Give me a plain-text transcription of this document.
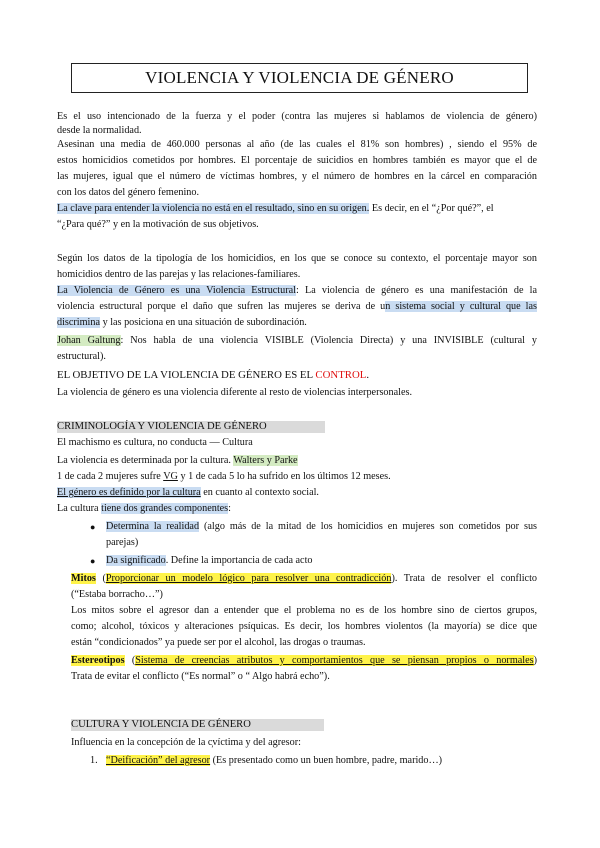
VIOLENCIA Y VIOLENCIA DE GÉNERO
Es el uso intencionado de la fuerza y el poder (contra las mujeres si hablamos de violencia de género)
desde la normalidad.
Asesinan una media de 460.000 personas al año (de las cuales el 81% son hombres) , siendo el 95% de
estos homicidios cometidos por hombres. El porcentaje de suicidios en hombres también es mayor que el de
las mujeres, igual que el número de víctimas hombres, y el número de hombres en la cárcel en comparación
con los datos del género femenino.
La clave para entender la violencia no está en el resultado, sino en su origen. Es decir, en el “¿Por qué?”, el
“¿Para qué?” y en la motivación de sus objetivos.
Según los datos de la tipología de los homicidios, en los que se conoce su contexto, el porcentaje mayor son
homicidios dentro de las parejas y las relaciones-familiares.
La Violencia de Género es una Violencia Estructural: La violencia de género es una manifestación de la
violencia estructural porque el daño que sufren las mujeres se deriva de un sistema social y cultural que las
discrimina y las posiciona en una situación de subordinación.
Johan Galtung: Nos habla de una violencia VISIBLE (Violencia Directa) y una INVISIBLE (cultural y
estructural).
EL OBJETIVO DE LA VIOLENCIA DE GÉNERO ES EL CONTROL.
La violencia de género es una violencia diferente al resto de violencias interpersonales.
CRIMINOLOGÍA Y VIOLENCIA DE GÉNERO
El machismo es cultura, no conducta — Cultura
La violencia es determinada por la cultura. Walters y Parke
1 de cada 2 mujeres sufre VG y 1 de cada 5 lo ha sufrido en los últimos 12 meses.
El género es definido por la cultura en cuanto al contexto social.
La cultura tiene dos grandes componentes:
● Determina la realidad (algo más de la mitad de los homicidios en mujeres son cometidos por sus
parejas)
● Da significado. Define la importancia de cada acto
Mitos (Proporcionar un modelo lógico para resolver una contradicción). Trata de resolver el conflicto
(“Estaba borracho…”)
Los mitos sobre el agresor dan a entender que el problema no es de los hombre sino de ciertos grupos,
como; alcohol, tóxicos y alteraciones psíquicas. Es decir, los hombres violentos (la mayoría) se dice que
están “condicionados” ya puede ser por el alcohol, las drogas o traumas.
Estereotipos (Sistema de creencias atributos y comportamientos que se piensan propios o normales)
Trata de evitar el conflicto (“Es normal” o “ Algo habrá echo”).
CULTURA Y VIOLENCIA DE GÉNERO
Influencia en la concepción de la c̦víctima y del agresor:
1. “Deificación” del agresor (Es presentado como un buen hombre, padre, marido…)
